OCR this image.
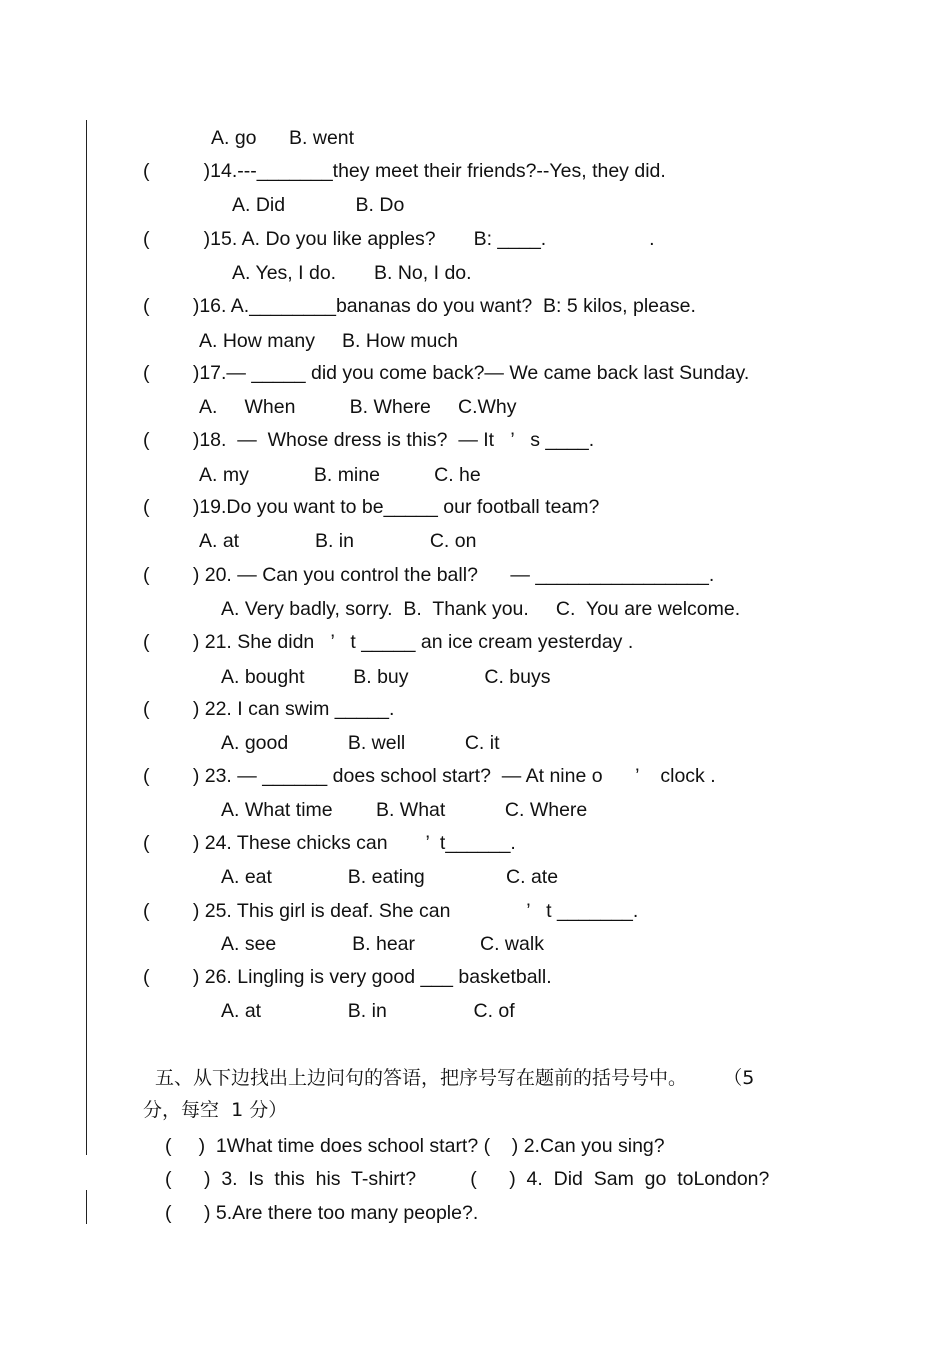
A. go      B. went
(          )14.---_______they meet their friends?--Yes, they did.
A. Did             B. Do
(          )15. A. Do you like apples?       B: ____.                   .
A. Yes, I do.       B. No, I do.
(        )16. A.________bananas do you want?  B: 5 kilos, please.
A. How many     B. How much
(        )17.— _____ did you come back?— We came back last Sunday.
A.     When          B. Where     C.Why
(        )18.  —  Whose dress is this?  — It   ’   s ____.
A. my            B. mine          C. he
(        )19.Do you want to be_____ our football team?
A. at              B. in              C. on
(        ) 20. — Can you control the ball?      — ________________.
A. Very badly, sorry.  B.  Thank you.     C.  You are welcome.
(        ) 21. She didn   ’   t _____ an ice cream yesterday .
A. bought         B. buy              C. buys
(        ) 22. I can swim _____.
A. good           B. well           C. it
(        ) 23. — ______ does school start?  — At nine o      ’    clock .
A. What time        B. What           C. Where
(        ) 24. These chicks can       ’  t______.
A. eat              B. eating               C. ate
(        ) 25. This girl is deaf. She can              ’   t _______.
A. see              B. hear            C. walk
(        ) 26. Lingling is very good ___ basketball.
A. at                B. in                C. of
五、从下边找出上边问句的答语，把序号写在题前的括号号中。      （5
分，每空  1 分）
(     )  1What time does school start? (    ) 2.Can you sing?
(      )  3.  Is  this  his  T-shirt?          (      )  4.  Did  Sam  go  toLondon?
(      ) 5.Are there too many people?.
